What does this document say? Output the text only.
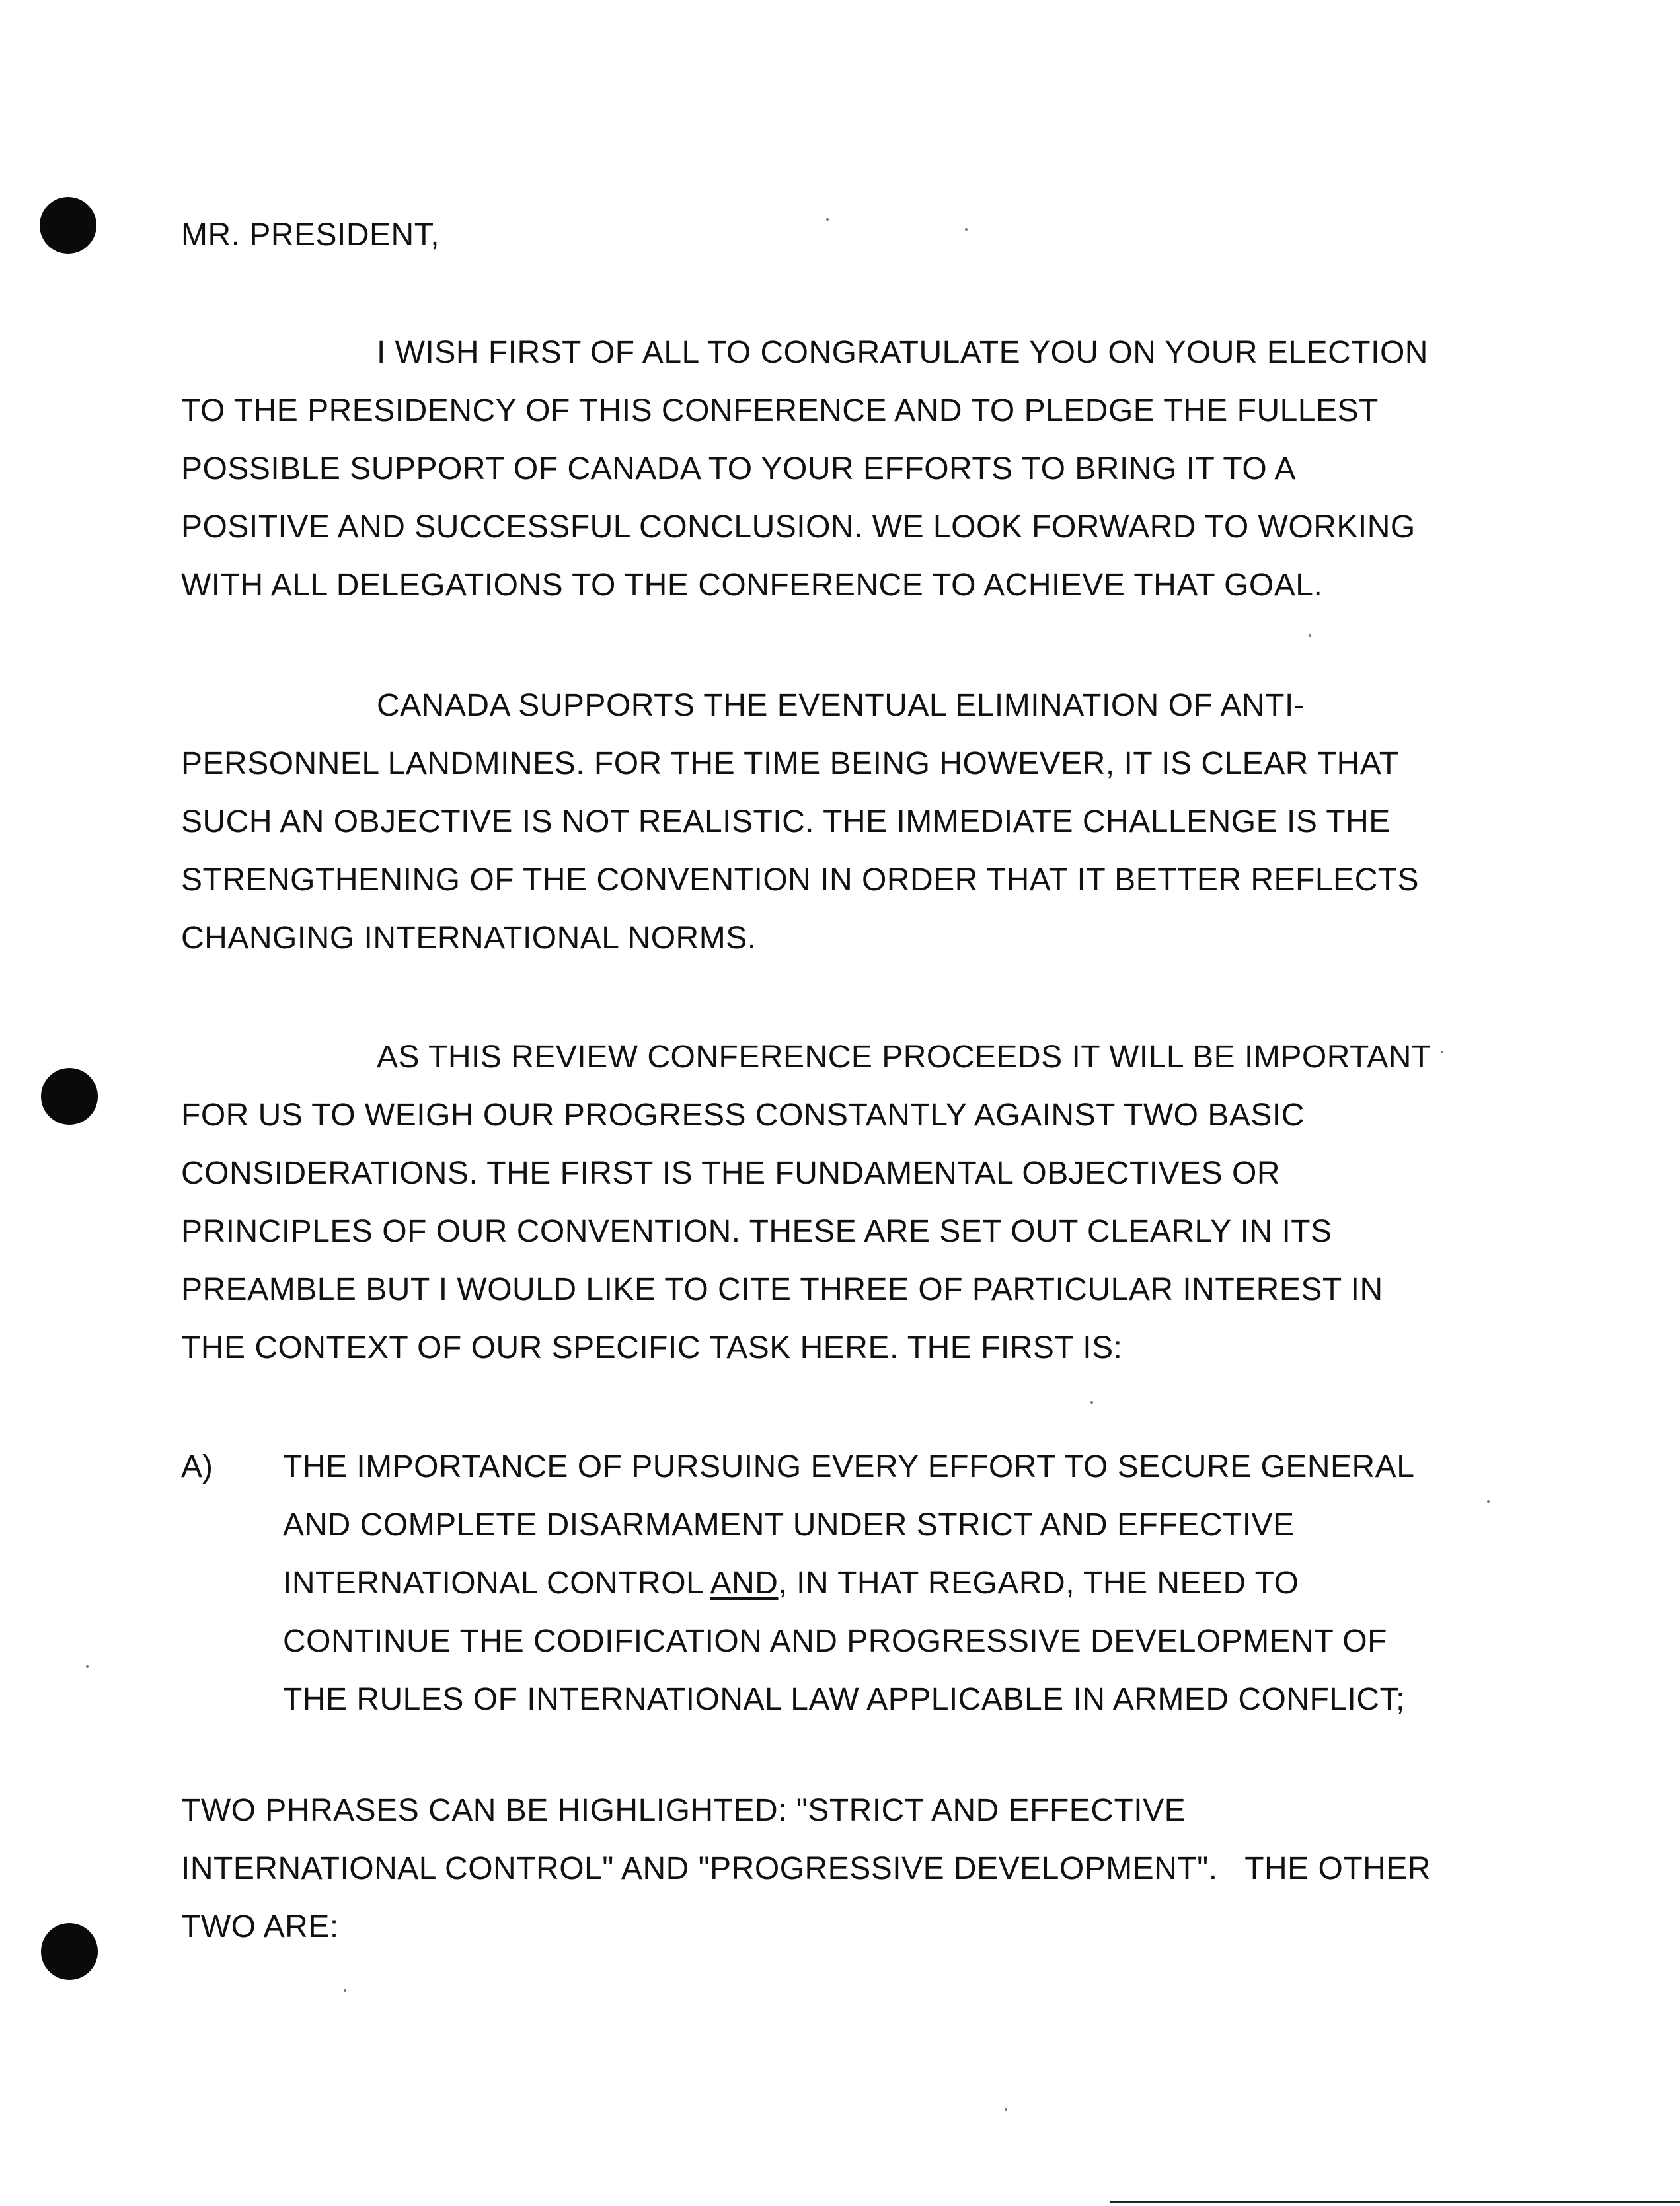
MR. PRESIDENT,
I WISH FIRST OF ALL TO CONGRATULATE YOU ON YOUR ELECTION
TO THE PRESIDENCY OF THIS CONFERENCE AND TO PLEDGE THE FULLEST
POSSIBLE SUPPORT OF CANADA TO YOUR EFFORTS TO BRING IT TO A
POSITIVE AND SUCCESSFUL CONCLUSION. WE LOOK FORWARD TO WORKING
WITH ALL DELEGATIONS TO THE CONFERENCE TO ACHIEVE THAT GOAL.
CANADA SUPPORTS THE EVENTUAL ELIMINATION OF ANTI-
PERSONNEL LANDMINES. FOR THE TIME BEING HOWEVER, IT IS CLEAR THAT
SUCH AN OBJECTIVE IS NOT REALISTIC. THE IMMEDIATE CHALLENGE IS THE
STRENGTHENING OF THE CONVENTION IN ORDER THAT IT BETTER REFLECTS
CHANGING INTERNATIONAL NORMS.
AS THIS REVIEW CONFERENCE PROCEEDS IT WILL BE IMPORTANT
FOR US TO WEIGH OUR PROGRESS CONSTANTLY AGAINST TWO BASIC
CONSIDERATIONS. THE FIRST IS THE FUNDAMENTAL OBJECTIVES OR
PRINCIPLES OF OUR CONVENTION. THESE ARE SET OUT CLEARLY IN ITS
PREAMBLE BUT I WOULD LIKE TO CITE THREE OF PARTICULAR INTEREST IN
THE CONTEXT OF OUR SPECIFIC TASK HERE. THE FIRST IS:
A) THE IMPORTANCE OF PURSUING EVERY EFFORT TO SECURE GENERAL
AND COMPLETE DISARMAMENT UNDER STRICT AND EFFECTIVE
INTERNATIONAL CONTROL AND, IN THAT REGARD, THE NEED TO
CONTINUE THE CODIFICATION AND PROGRESSIVE DEVELOPMENT OF
THE RULES OF INTERNATIONAL LAW APPLICABLE IN ARMED CONFLICT;
TWO PHRASES CAN BE HIGHLIGHTED: "STRICT AND EFFECTIVE
INTERNATIONAL CONTROL" AND "PROGRESSIVE DEVELOPMENT".   THE OTHER
TWO ARE:
